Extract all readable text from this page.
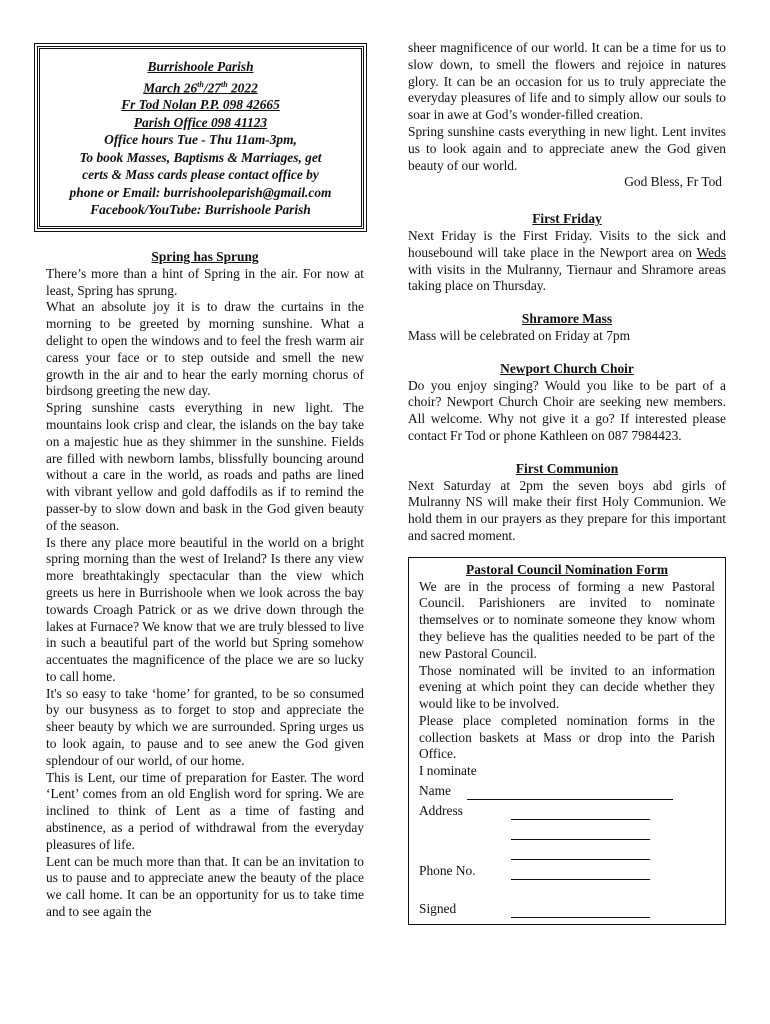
Burrishoole Parish
March 26th/27th 2022
Fr Tod Nolan P.P. 098 42665
Parish Office 098 41123
Office hours Tue - Thu 11am-3pm,
To book Masses, Baptisms & Marriages, get
certs & Mass cards please contact office by
phone or Email: burrishooleparish@gmail.com
Facebook/YouTube: Burrishoole Parish
Spring has Sprung

There’s more than a hint of Spring in the air. For now at least, Spring has sprung.

What an absolute joy it is to draw the curtains in the morning to be greeted by morning sunshine. What a delight to open the windows and to feel the fresh warm air caress your face or to step outside and smell the new growth in the air and to hear the early morning chorus of birdsong greeting the new day.

Spring sunshine casts everything in new light. The mountains look crisp and clear, the islands on the bay take on a majestic hue as they shimmer in the sunshine. Fields are filled with newborn lambs, blissfully bouncing around without a care in the world, as roads and paths are lined with vibrant yellow and gold daffodils as if to remind the passer-by to slow down and bask in the God given beauty of the season.

Is there any place more beautiful in the world on a bright spring morning than the west of Ireland? Is there any view more breathtakingly spectacular than the view which greets us here in Burrishoole when we look across the bay towards Croagh Patrick or as we drive down through the lakes at Furnace? We know that we are truly blessed to live in such a beautiful part of the world but Spring somehow accentuates the magnificence of the place we are so lucky to call home.

It's so easy to take ‘home’ for granted, to be so consumed by our busyness as to forget to stop and appreciate the sheer beauty by which we are surrounded. Spring urges us to look again, to pause and to see anew the God given splendour of our world, of our home.

This is Lent, our time of preparation for Easter. The word ‘Lent’ comes from an old English word for spring. We are inclined to think of Lent as a time of fasting and abstinence, as a period of withdrawal from the everyday pleasures of life.

Lent can be much more than that. It can be an invitation to us to pause and to appreciate anew the beauty of the place we call home. It can be an opportunity for us to take time and to see again the

sheer magnificence of our world. It can be a time for us to slow down, to smell the flowers and rejoice in natures glory. It can be an occasion for us to truly appreciate the everyday pleasures of life and to simply allow our souls to soar in awe at God’s wonder-filled creation.

Spring sunshine casts everything in new light. Lent invites us to look again and to appreciate anew the God given beauty of our world.

God Bless, Fr Tod
First Friday

Next Friday is the First Friday. Visits to the sick and housebound will take place in the Newport area on Weds with visits in the Mulranny, Tiernaur and Shramore areas taking place on Thursday.

Shramore Mass

Mass will be celebrated on Friday at 7pm

Newport Church Choir

Do you enjoy singing? Would you like to be part of a choir? Newport Church Choir are seeking new members. All welcome. Why not give it a go? If interested please contact Fr Tod or phone Kathleen on 087 7984423.

First Communion

Next Saturday at 2pm the seven boys abd girls of Mulranny NS will make their first Holy Communion. We hold them in our prayers as they prepare for this important and sacred moment.

Pastoral Council Nomination Form

We are in the process of forming a new Pastoral Council. Parishioners are invited to nominate themselves or to nominate someone they know whom they believe has the qualities needed to be part of the new Pastoral Council.

Those nominated will be invited to an information evening at which point they can decide whether they would like to be involved.

Please place completed nomination forms in the collection baskets at Mass or drop into the Parish Office.

I nominate
Name
Address
Phone No.
Signed
